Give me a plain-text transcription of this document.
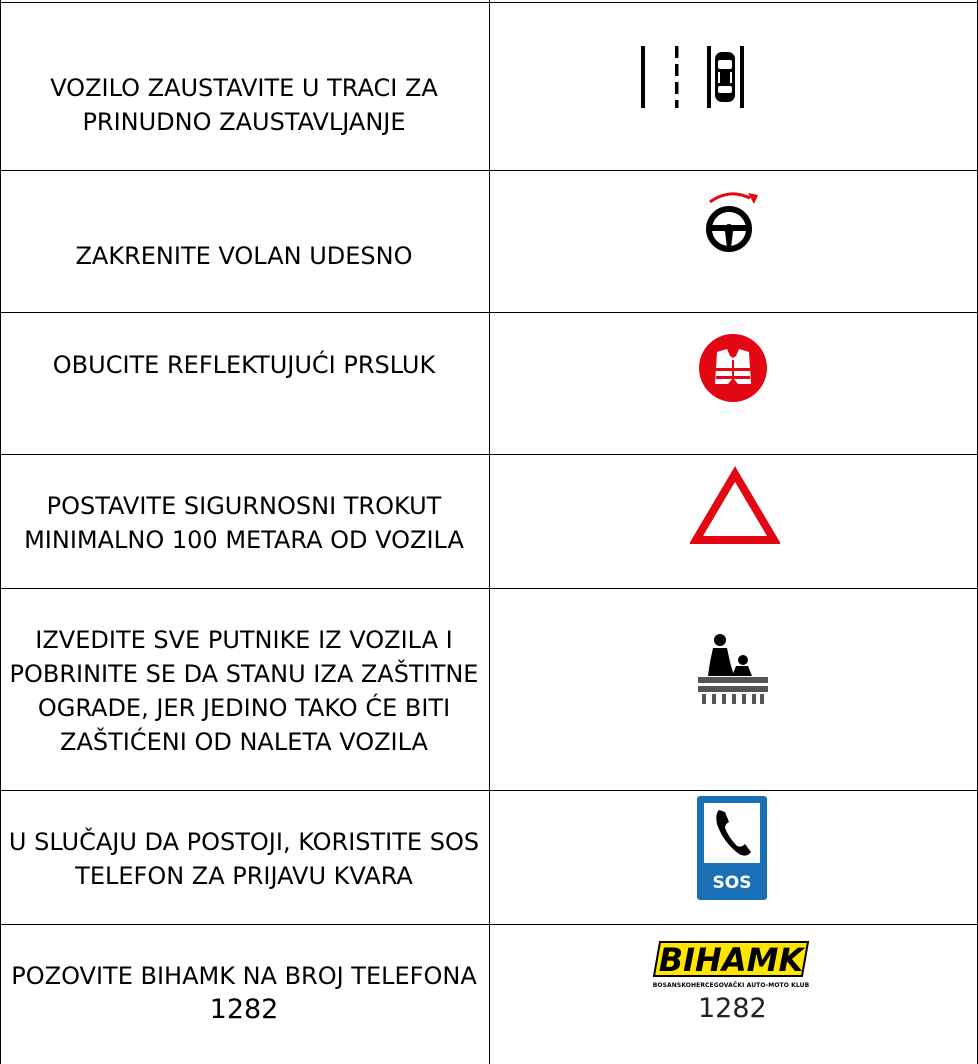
VOZILO ZAUSTAVITE U TRACI ZA
PRINUDNO ZAUSTAVLJANJE
ZAKRENITE VOLAN UDESNO
OBUCITE REFLEKTUJUĆI PRSLUK
POSTAVITE SIGURNOSNI TROKUT
MINIMALNO 100 METARA OD VOZILA
IZVEDITE SVE PUTNIKE IZ VOZILA I
POBRINITE SE DA STANU IZA ZAŠTITNE
OGRADE, JER JEDINO TAKO ĆE BITI
ZAŠTIĆENI OD NALETA VOZILA
U SLUČAJU DA POSTOJI, KORISTITE SOS
TELEFON ZA PRIJAVU KVARA	SOS
POZOVITE BIHAMK NA BROJ TELEFONA
1282
BIHAMK
BOSANSKOHERCEGOVAČKI AUTO-MOTO KLUB
1282
